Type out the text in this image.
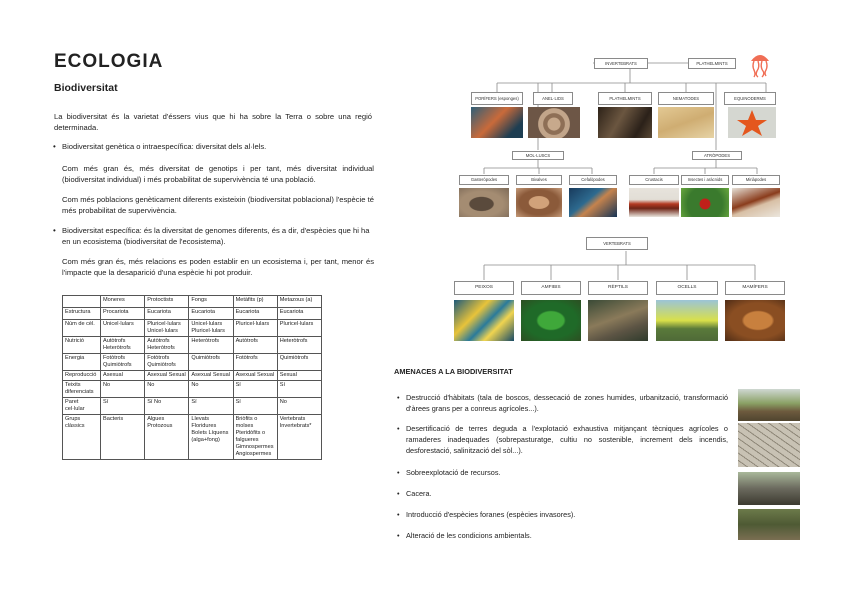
ECOLOGIA
Biodiversitat

La biodiversitat és la varietat d'éssers vius que hi ha sobre la Terra o sobre una regió determinada.

• Biodiversitat genètica o intraespecífica: diversitat dels al·lels.

Com més gran és, més diversitat de genotips i per tant, més diversitat individual (biodiversitat individual) i més probabilitat de supervivència té una població.

Com més poblacions genèticament diferents existeixin (biodiversitat poblacional) l'espècie té més probabilitat de supervivència.

• Biodiversitat específica: és la diversitat de genomes diferents, és a dir, d'espècies que hi ha en un ecosistema (biodiversitat de l'ecosistema).

Com més gran és, més relacions es poden establir en un ecosistema i, per tant, menor és l'impacte que la desaparició d'una espècie hi pot produir.

	Moneres	Protoctists	Fongs	Metàfits (p)	Metazous (a)
Estructura	Procariota	Eucariota	Eucariota	Eucariota	Eucariota
Núm de cèl.	Unicel·lulars	Pluricel·lulars Unicel·lulars	Unicel·lulars Pluricel·lulars	Pluricel·lulars	Pluricel·lulars
Nutrició	Autòtrofs Heteròtrofs	Autòtrofs Heteròtrofs	Heteròtrofs	Autòtrofs	Heteròtrofs
Energia	Fotòtrofs Quimiòtrofs	Fotòtrofs Quimiòtrofs	Quimiòtrofs	Fotòtrofs	Quimiòtrofs
Reproducció	Asexual	Asexual Sexual	Asexual Sexual	Asexual Sexual	Sexual
Teixits diferenciats	No	No	No	Sí	Sí
Paret cel·lular	Sí	Sí No	Sí	Sí	No
Grups clàssics	Bacteris	Algues Protozous	Llevats Floridures Bolets Líquens (alga+fong)	Briòfits o molses Pteridòfits o falgueres Gimnospermes Angiospermes	Vertebrats Invertebrats*
INVERTEBRATS	PLATHELMINTS
PORÍFERS (esponges)	ANEL·LIDS	PLATHELMINTS	NEMATODES	EQUINODERMS
MOL·LUSCS	ATRÒPODES
Gasteròpodes	Bivalves	Cefalòpodes	Crustacis	Insectes i aràcnids	Miriàpodes
VERTEBRATS
PEIXOS	AMFIBIS	RÈPTILS	OCELLS	MAMÍFERS
AMENACES A LA BIODIVERSITAT

• Destrucció d'hàbitats (tala de boscos, dessecació de zones humides, urbanització, transformació d'àrees grans per a conreus agrícoles...).

• Desertificació de terres deguda a l'explotació exhaustiva mitjançant tècniques agrícoles o ramaderes inadequades (sobrepasturatge, cultiu no sostenible, increment dels incendis, desforestació, salinització del sòl...).

• Sobreexplotació de recursos.

• Cacera.

• Introducció d'espècies foranes (espècies invasores).

• Alteració de les condicions ambientals.
